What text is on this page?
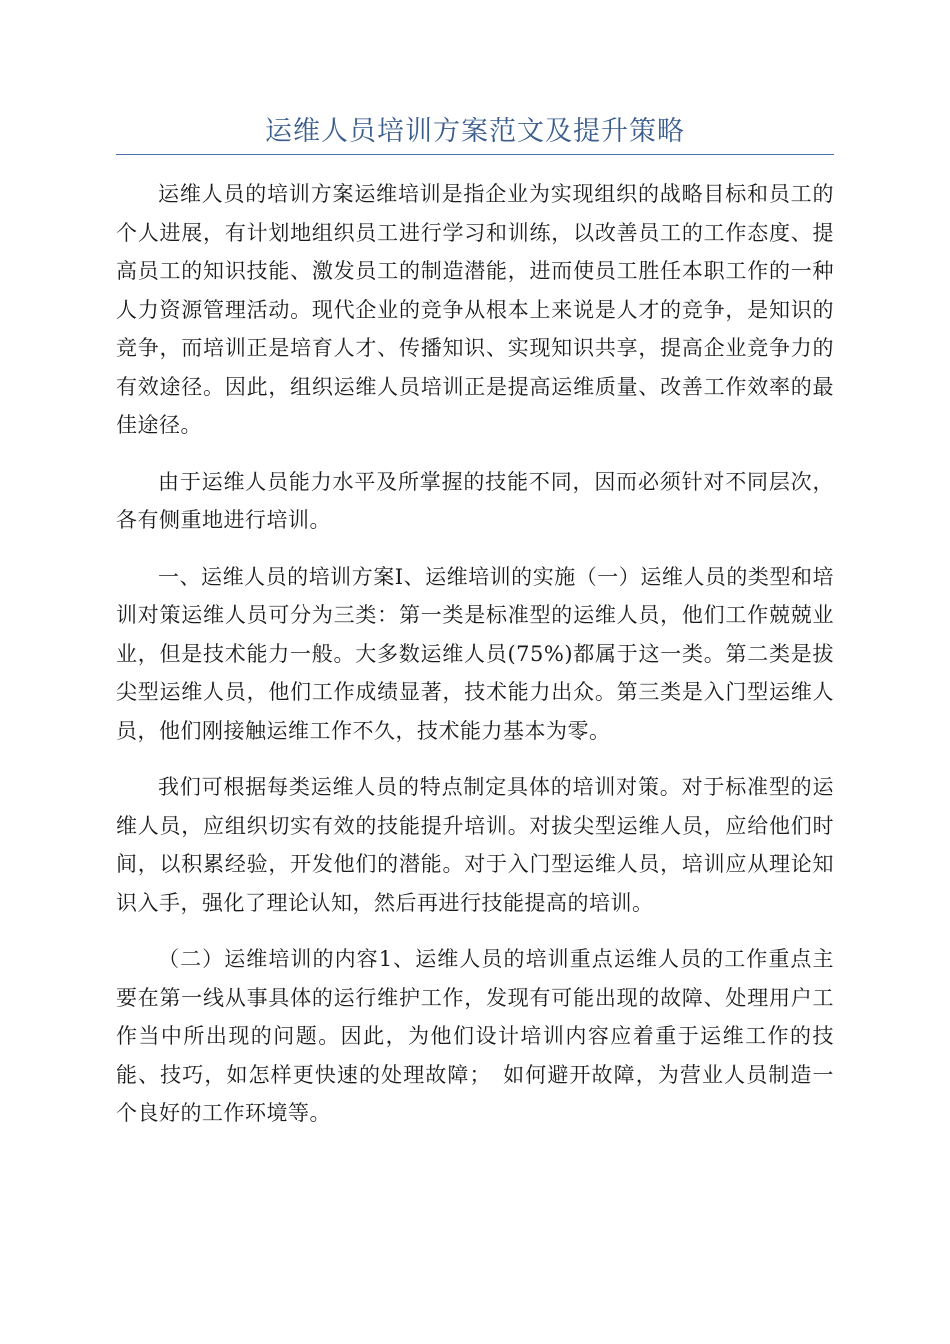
运维人员培训方案范文及提升策略

运维人员的培训方案运维培训是指企业为实现组织的战略目标和员工的个人进展，有计划地组织员工进行学习和训练，以改善员工的工作态度、提高员工的知识技能、激发员工的制造潜能，进而使员工胜任本职工作的一种人力资源管理活动。现代企业的竞争从根本上来说是人才的竞争，是知识的竞争，而培训正是培育人才、传播知识、实现知识共享，提高企业竞争力的有效途径。因此，组织运维人员培训正是提高运维质量、改善工作效率的最佳途径。

由于运维人员能力水平及所掌握的技能不同，因而必须针对不同层次，各有侧重地进行培训。

一、运维人员的培训方案Ⅰ、运维培训的实施（一）运维人员的类型和培训对策运维人员可分为三类：第一类是标准型的运维人员，他们工作兢兢业业，但是技术能力一般。大多数运维人员(75%)都属于这一类。第二类是拔尖型运维人员，他们工作成绩显著，技术能力出众。第三类是入门型运维人员，他们刚接触运维工作不久，技术能力基本为零。

我们可根据每类运维人员的特点制定具体的培训对策。对于标准型的运维人员，应组织切实有效的技能提升培训。对拔尖型运维人员，应给他们时间，以积累经验，开发他们的潜能。对于入门型运维人员，培训应从理论知识入手，强化了理论认知，然后再进行技能提高的培训。

（二）运维培训的内容1、运维人员的培训重点运维人员的工作重点主要在第一线从事具体的运行维护工作，发现有可能出现的故障、处理用户工作当中所出现的问题。因此，为他们设计培训内容应着重于运维工作的技能、技巧，如怎样更快速的处理故障；　如何避开故障，为营业人员制造一个良好的工作环境等。
